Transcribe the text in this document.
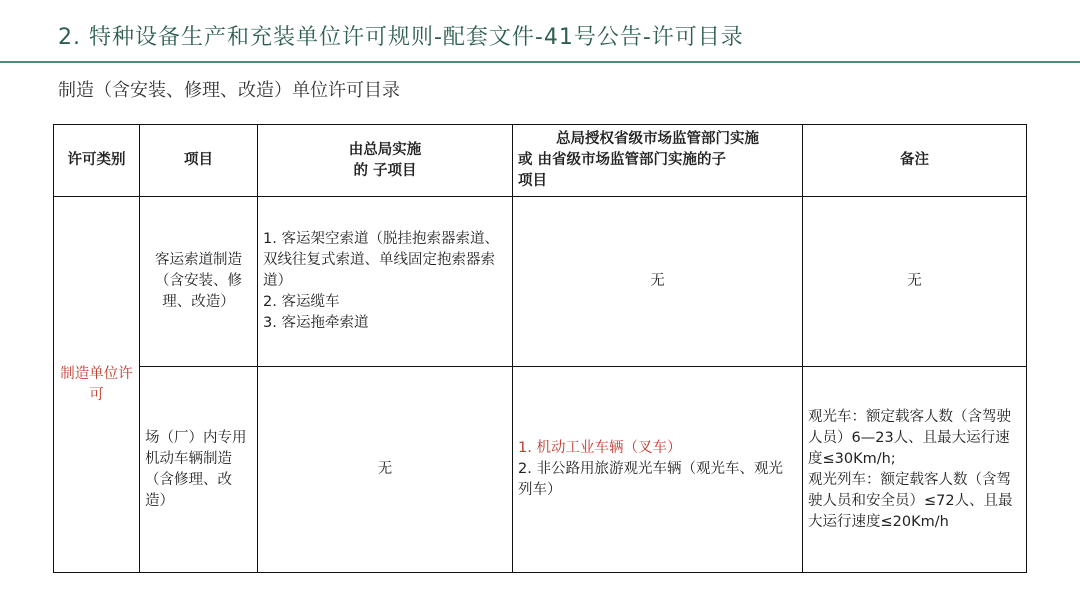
2. 特种设备生产和充装单位许可规则-配套文件-41号公告-许可目录
制造（含安装、修理、改造）单位许可目录
许可类别	项目	由总局实施
的 子项目	总局授权省级市场监管部门实施
或 由省级市场监管部门实施的子
项目	备注
制造单位许可	客运索道制造（含安装、修理、改造）	1. 客运架空索道（脱挂抱索器索道、双线往复式索道、单线固定抱索器索道）
2. 客运缆车
3. 客运拖牵索道	无	无
	场（厂）内专用机动车辆制造（含修理、改造）	无	1. 机动工业车辆（叉车）
2. 非公路用旅游观光车辆（观光车、观光列车）	观光车：额定载客人数（含驾驶人员）6—23人、且最大运行速度≤30Km/h;
观光列车：额定载客人数（含驾驶人员和安全员）≤72人、且最大运行速度≤20Km/h
